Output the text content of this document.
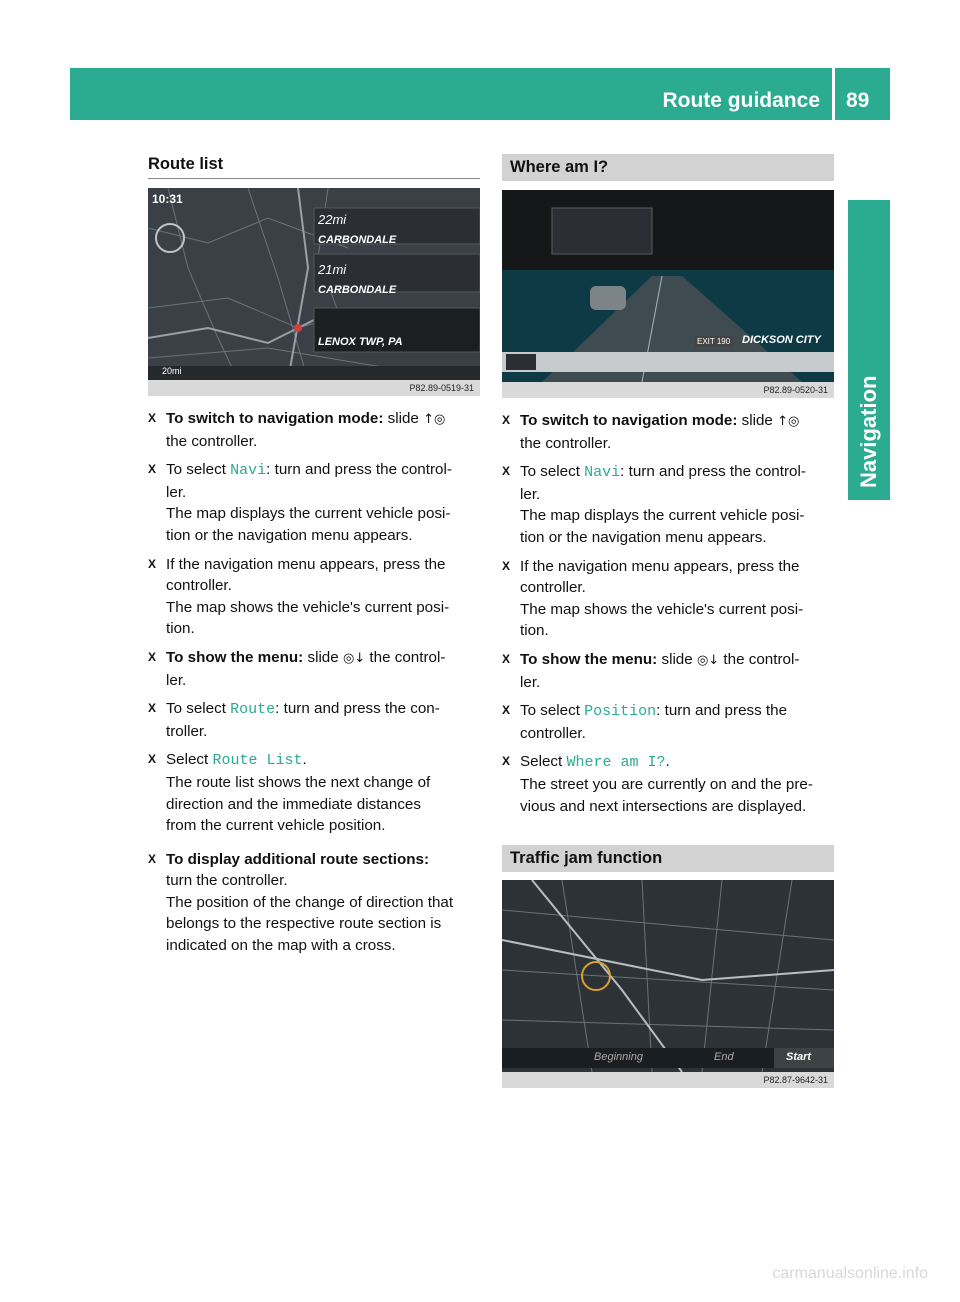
Route guidance 89
Navigation
Route list
10:31
22mi
CARBONDALE
21mi
CARBONDALE
LENOX TWP, PA
20mi
P82.89-0519-31
X To switch to navigation mode: slide ↑◎
the controller.
X To select Navi: turn and press the control-
ler.
The map displays the current vehicle posi-
tion or the navigation menu appears.
X If the navigation menu appears, press the
controller.
The map shows the vehicle's current posi-
tion.
X To show the menu: slide ◎↓ the control-
ler.
X To select Route: turn and press the con-
troller.
X Select Route List.
The route list shows the next change of
direction and the immediate distances
from the current vehicle position.
X To display additional route sections:
turn the controller.
The position of the change of direction that
belongs to the respective route section is
indicated on the map with a cross.
Where am I?
EXIT 190 DICKSON CITY
P82.89-0520-31
X To switch to navigation mode: slide ↑◎
the controller.
X To select Navi: turn and press the control-
ler.
The map displays the current vehicle posi-
tion or the navigation menu appears.
X If the navigation menu appears, press the
controller.
The map shows the vehicle's current posi-
tion.
X To show the menu: slide ◎↓ the control-
ler.
X To select Position: turn and press the
controller.
X Select Where am I?.
The street you are currently on and the pre-
vious and next intersections are displayed.
Traffic jam function
Beginning	End	Start
P82.87-9642-31
carmanualsonline.info
